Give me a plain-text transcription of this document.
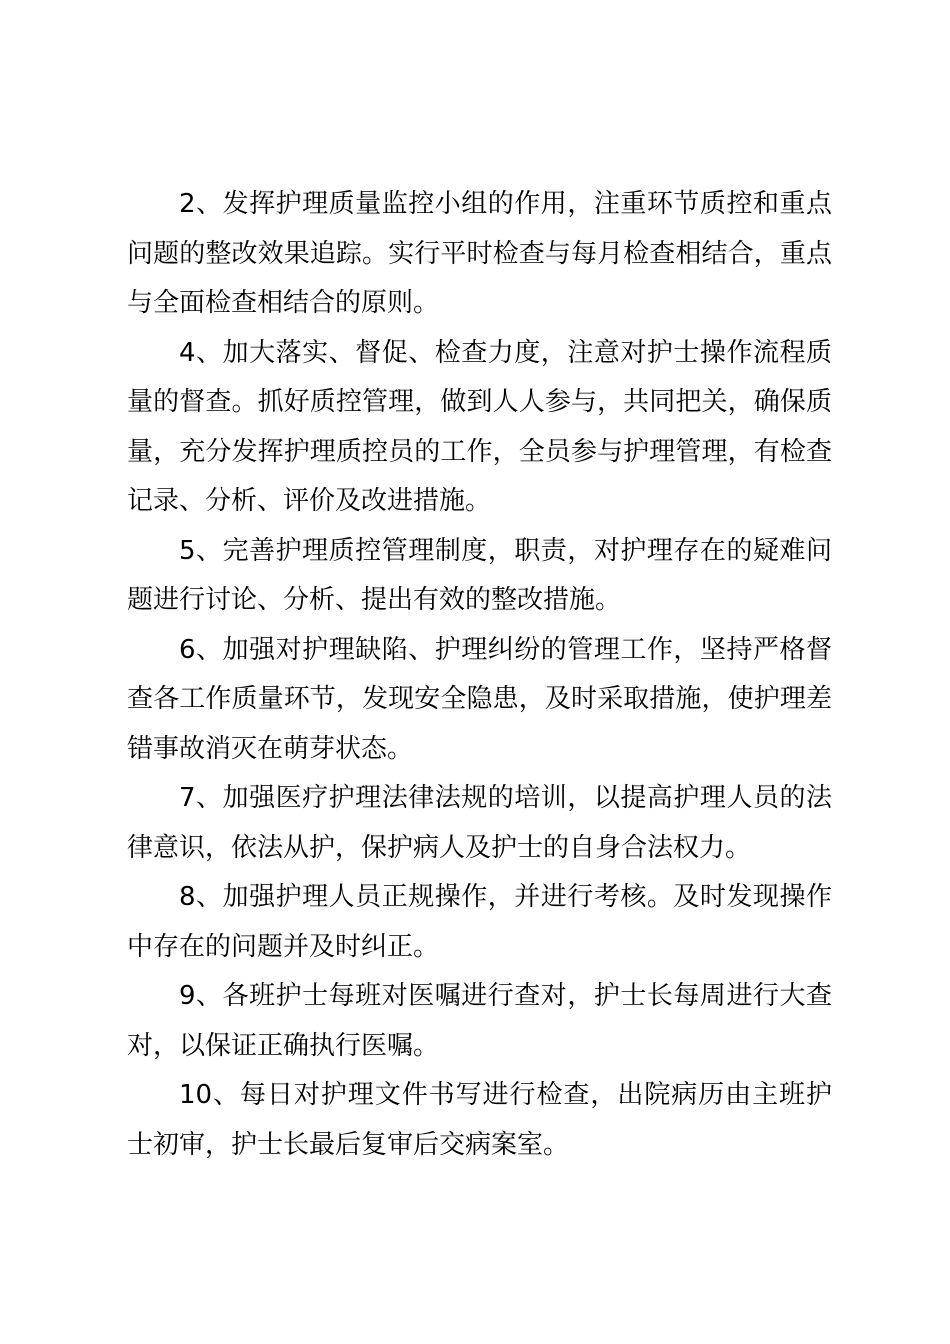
2、发挥护理质量监控小组的作用，注重环节质控和重点问题的整改效果追踪。实行平时检查与每月检查相结合，重点与全面检查相结合的原则。

4、加大落实、督促、检查力度，注意对护士操作流程质量的督查。抓好质控管理，做到人人参与，共同把关，确保质量，充分发挥护理质控员的工作，全员参与护理管理，有检查记录、分析、评价及改进措施。

5、完善护理质控管理制度，职责，对护理存在的疑难问题进行讨论、分析、提出有效的整改措施。

6、加强对护理缺陷、护理纠纷的管理工作，坚持严格督查各工作质量环节，发现安全隐患，及时采取措施，使护理差错事故消灭在萌芽状态。

7、加强医疗护理法律法规的培训，以提高护理人员的法律意识，依法从护，保护病人及护士的自身合法权力。

8、加强护理人员正规操作，并进行考核。及时发现操作中存在的问题并及时纠正。

9、各班护士每班对医嘱进行查对，护士长每周进行大查对，以保证正确执行医嘱。

10、每日对护理文件书写进行检查，出院病历由主班护士初审，护士长最后复审后交病案室。
